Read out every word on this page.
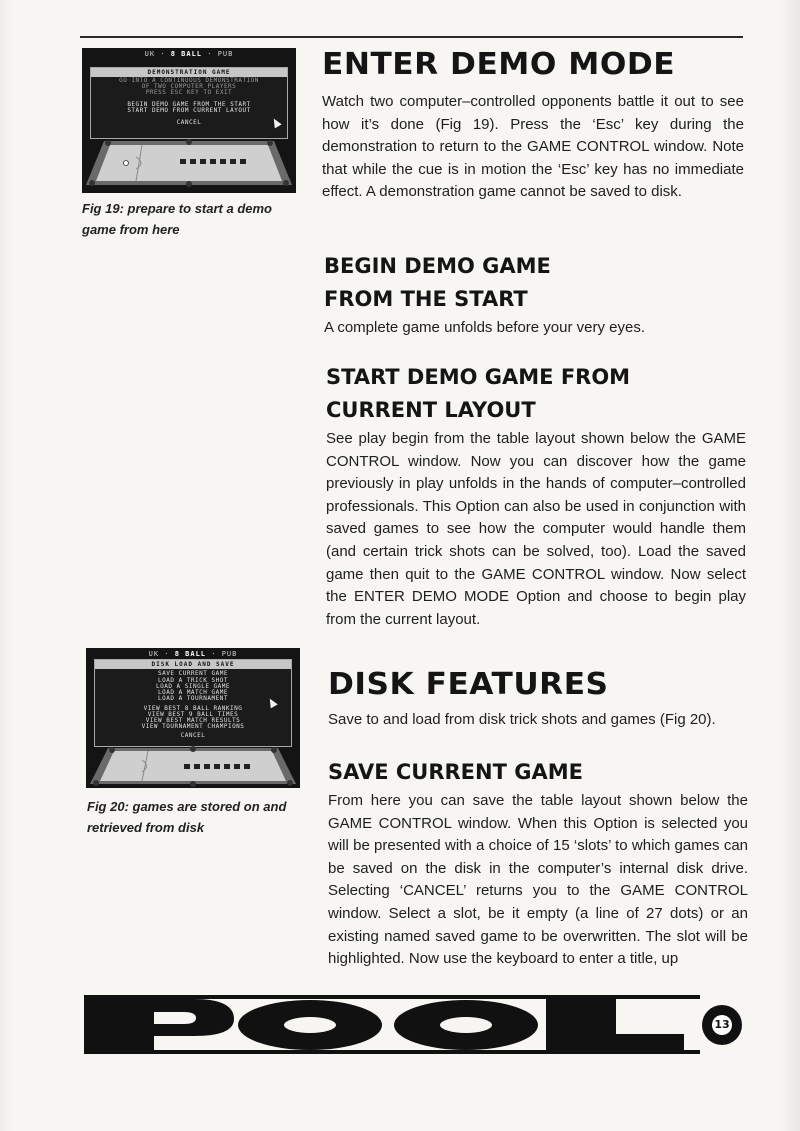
UK · 8 BALL · PUB
DEMONSTRATION GAME
GO INTO A CONTINUOUS DEMONSTRATION
OF TWO COMPUTER PLAYERS
PRESS ESC KEY TO EXIT
BEGIN DEMO GAME FROM THE START
START DEMO FROM CURRENT LAYOUT
CANCEL
Fig 19: prepare to start a demo game from here
UK · 8 BALL · PUB
DISK LOAD AND SAVE
SAVE CURRENT GAME
LOAD A TRICK SHOT
LOAD A SINGLE GAME
LOAD A MATCH GAME
LOAD A TOURNAMENT
VIEW BEST 8 BALL RANKING
VIEW BEST 9 BALL TIMES
VIEW BEST MATCH RESULTS
VIEW TOURNAMENT CHAMPIONS
CANCEL
Fig 20: games are stored on and retrieved from disk
ENTER DEMO MODE

Watch two computer–controlled opponents battle it out to see how it’s done (Fig 19). Press the ‘Esc’ key during the demonstration to return to the GAME CONTROL window. Note that while the cue is in motion the ‘Esc’ key has no immediate effect. A demonstration game cannot be saved to disk.

BEGIN DEMO GAME
FROM THE START

A complete game unfolds before your very eyes.

START DEMO GAME FROM
CURRENT LAYOUT

See play begin from the table layout shown below the GAME CONTROL window. Now you can discover how the game previously in play unfolds in the hands of computer–controlled professionals. This Option can also be used in conjunction with saved games to see how the computer would handle them (and certain trick shots can be solved, too). Load the saved game then quit to the GAME CONTROL window. Now select the ENTER DEMO MODE Option and choose to begin play from the current layout.

DISK FEATURES

Save to and load from disk trick shots and games (Fig 20).

SAVE CURRENT GAME

From here you can save the table layout shown below the GAME CONTROL window. When this Option is selected you will be presented with a choice of 15 ‘slots’ to which games can be saved on the disk in the computer’s internal disk drive. Selecting ‘CANCEL’ returns you to the GAME CONTROL window. Select a slot, be it empty (a line of 27 dots) or an existing named saved game to be overwritten. The slot will be highlighted. Now use the keyboard to enter a title, up

13
